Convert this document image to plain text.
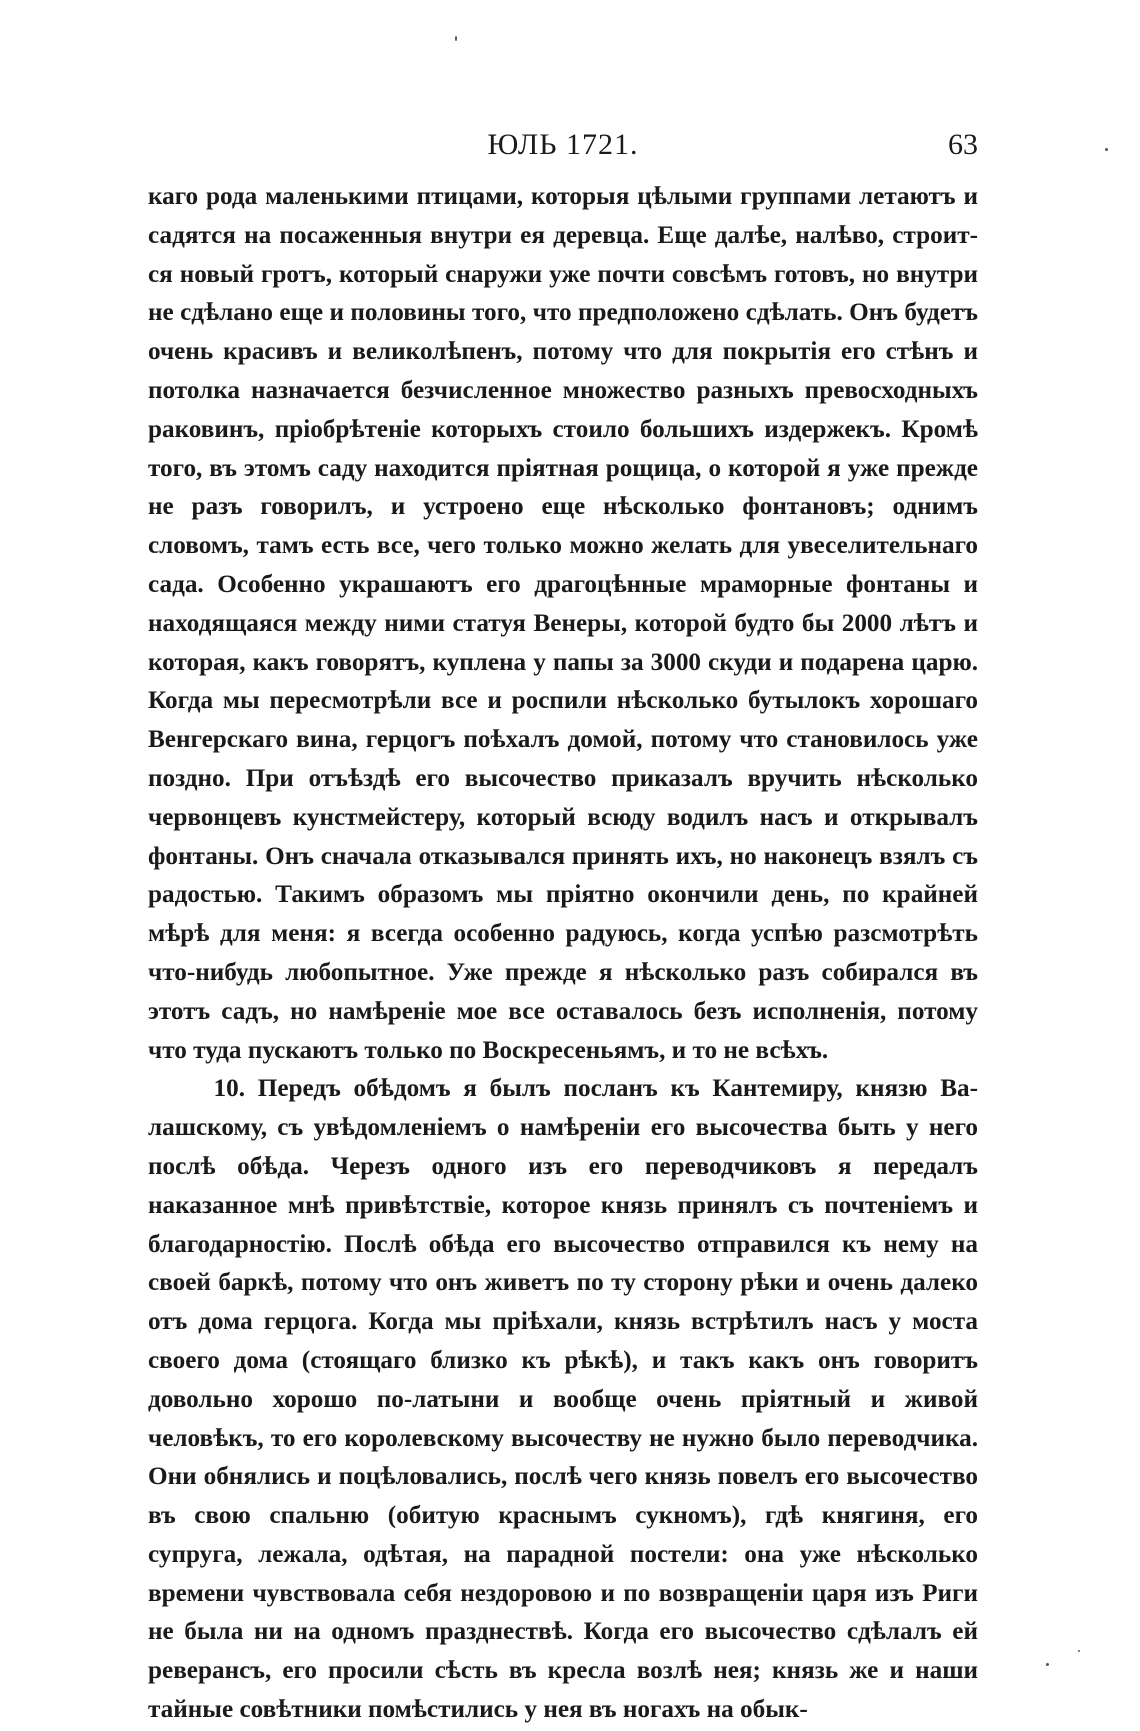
ЮЛЬ 1721.	63

каго рода маленькими птицами, которыя цѣлыми группами летаютъ и садятся на посаженныя внутри ея деревца. Еще далѣе, налѣво, строится новый гротъ, который снаружи уже почти совсѣмъ готовъ, но внутри не сдѣлано еще и половины того, что предположено сдѣлать. Онъ будетъ очень красивъ и великолѣпенъ, потому что для покрытія его стѣнъ и потолка назначается безчисленное множество разныхъ превосходныхъ раковинъ, пріобрѣтеніе которыхъ стоило большихъ издержекъ. Кромѣ того, въ этомъ саду находится пріятная рощица, о которой я уже прежде не разъ говорилъ, и устроено еще нѣсколько фонтановъ; однимъ словомъ, тамъ есть все, чего только можно желать для увеселительнаго сада. Особенно украшаютъ его драгоцѣнные мраморные фонтаны и находящаяся между ними статуя Венеры, которой будто бы 2000 лѣтъ и которая, какъ говорятъ, куплена у папы за 3000 скуди и подарена царю. Когда мы пересмотрѣли все и роспили нѣсколько бутылокъ хорошаго Венгерскаго вина, герцогъ поѣхалъ домой, потому что становилось уже поздно. При отъѣздѣ его высочество приказалъ вручить нѣсколько червонцевъ кунстмейстеру, который всюду водилъ насъ и открывалъ фонтаны. Онъ сначала отказывался принять ихъ, но наконецъ взялъ съ радостью. Такимъ образомъ мы пріятно окончили день, по крайней мѣрѣ для меня: я всегда особенно радуюсь, когда успѣю разсмотрѣть что-нибудь любопытное. Уже прежде я нѣсколько разъ собирался въ этотъ садъ, но намѣреніе мое все оставалось безъ исполненія, потому что туда пускаютъ только по Воскресеньямъ, и то не всѣхъ.

10. Передъ обѣдомъ я былъ посланъ къ Кантемиру, князю Валашскому, съ увѣдомленіемъ о намѣреніи его высочества быть у него послѣ обѣда. Черезъ одного изъ его переводчиковъ я передалъ наказанное мнѣ привѣтствіе, которое князь принялъ съ почтеніемъ и благодарностію. Послѣ обѣда его высочество отправился къ нему на своей баркѣ, потому что онъ живетъ по ту сторону рѣки и очень далеко отъ дома герцога. Когда мы пріѣхали, князь встрѣтилъ насъ у моста своего дома (стоящаго близко къ рѣкѣ), и такъ какъ онъ говоритъ довольно хорошо по-латыни и вообще очень пріятный и живой человѣкъ, то его королевскому высочеству не нужно было переводчика. Они обнялись и поцѣловались, послѣ чего князь повелъ его высочество въ свою спальню (обитую краснымъ сукномъ), гдѣ княгиня, его супруга, лежала, одѣтая, на парадной постели: она уже нѣсколько времени чувствовала себя нездоровою и по возвращеніи царя изъ Риги не была ни на одномъ празднествѣ. Когда его высочество сдѣлалъ ей реверансъ, его просили сѣсть въ кресла возлѣ нея; князь же и наши тайные совѣтники помѣстились у нея въ ногахъ на обык-
